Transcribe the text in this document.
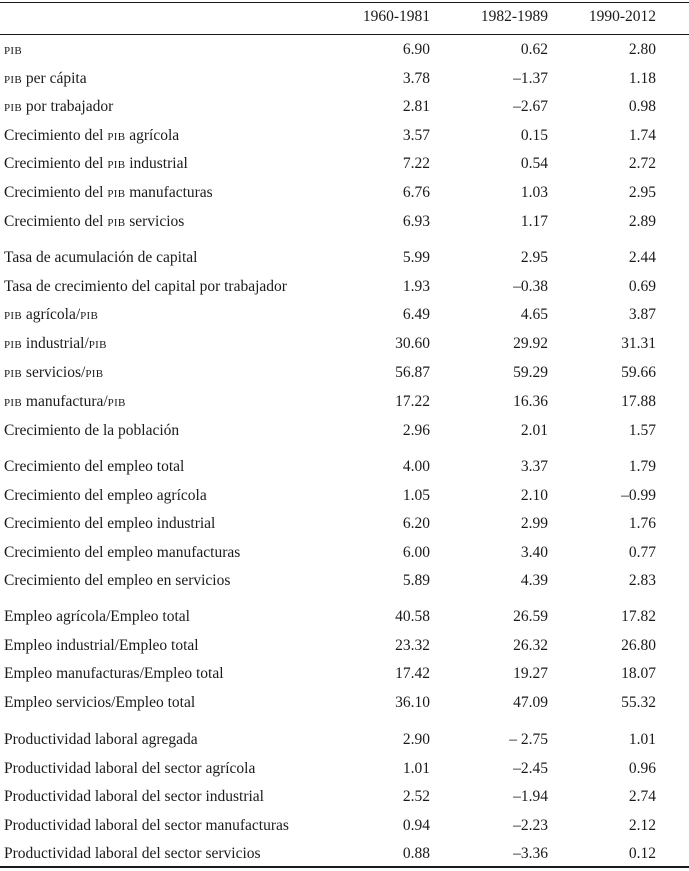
1960-1981	1982-1989	1990-2012
pib	6.90	0.62	2.80
pib per cápita	3.78	–1.37	1.18
pib por trabajador	2.81	–2.67	0.98
Crecimiento del pib agrícola	3.57	0.15	1.74
Crecimiento del pib industrial	7.22	0.54	2.72
Crecimiento del pib manufacturas	6.76	1.03	2.95
Crecimiento del pib servicios	6.93	1.17	2.89
Tasa de acumulación de capital	5.99	2.95	2.44
Tasa de crecimiento del capital por trabajador	1.93	–0.38	0.69
pib agrícola/pib	6.49	4.65	3.87
pib industrial/pib	30.60	29.92	31.31
pib servicios/pib	56.87	59.29	59.66
pib manufactura/pib	17.22	16.36	17.88
Crecimiento de la población	2.96	2.01	1.57
Crecimiento del empleo total	4.00	3.37	1.79
Crecimiento del empleo agrícola	1.05	2.10	–0.99
Crecimiento del empleo industrial	6.20	2.99	1.76
Crecimiento del empleo manufacturas	6.00	3.40	0.77
Crecimiento del empleo en servicios	5.89	4.39	2.83
Empleo agrícola/Empleo total	40.58	26.59	17.82
Empleo industrial/Empleo total	23.32	26.32	26.80
Empleo manufacturas/Empleo total	17.42	19.27	18.07
Empleo servicios/Empleo total	36.10	47.09	55.32
Productividad laboral agregada	2.90	– 2.75	1.01
Productividad laboral del sector agrícola	1.01	–2.45	0.96
Productividad laboral del sector industrial	2.52	–1.94	2.74
Productividad laboral del sector manufacturas	0.94	–2.23	2.12
Productividad laboral del sector servicios	0.88	–3.36	0.12
